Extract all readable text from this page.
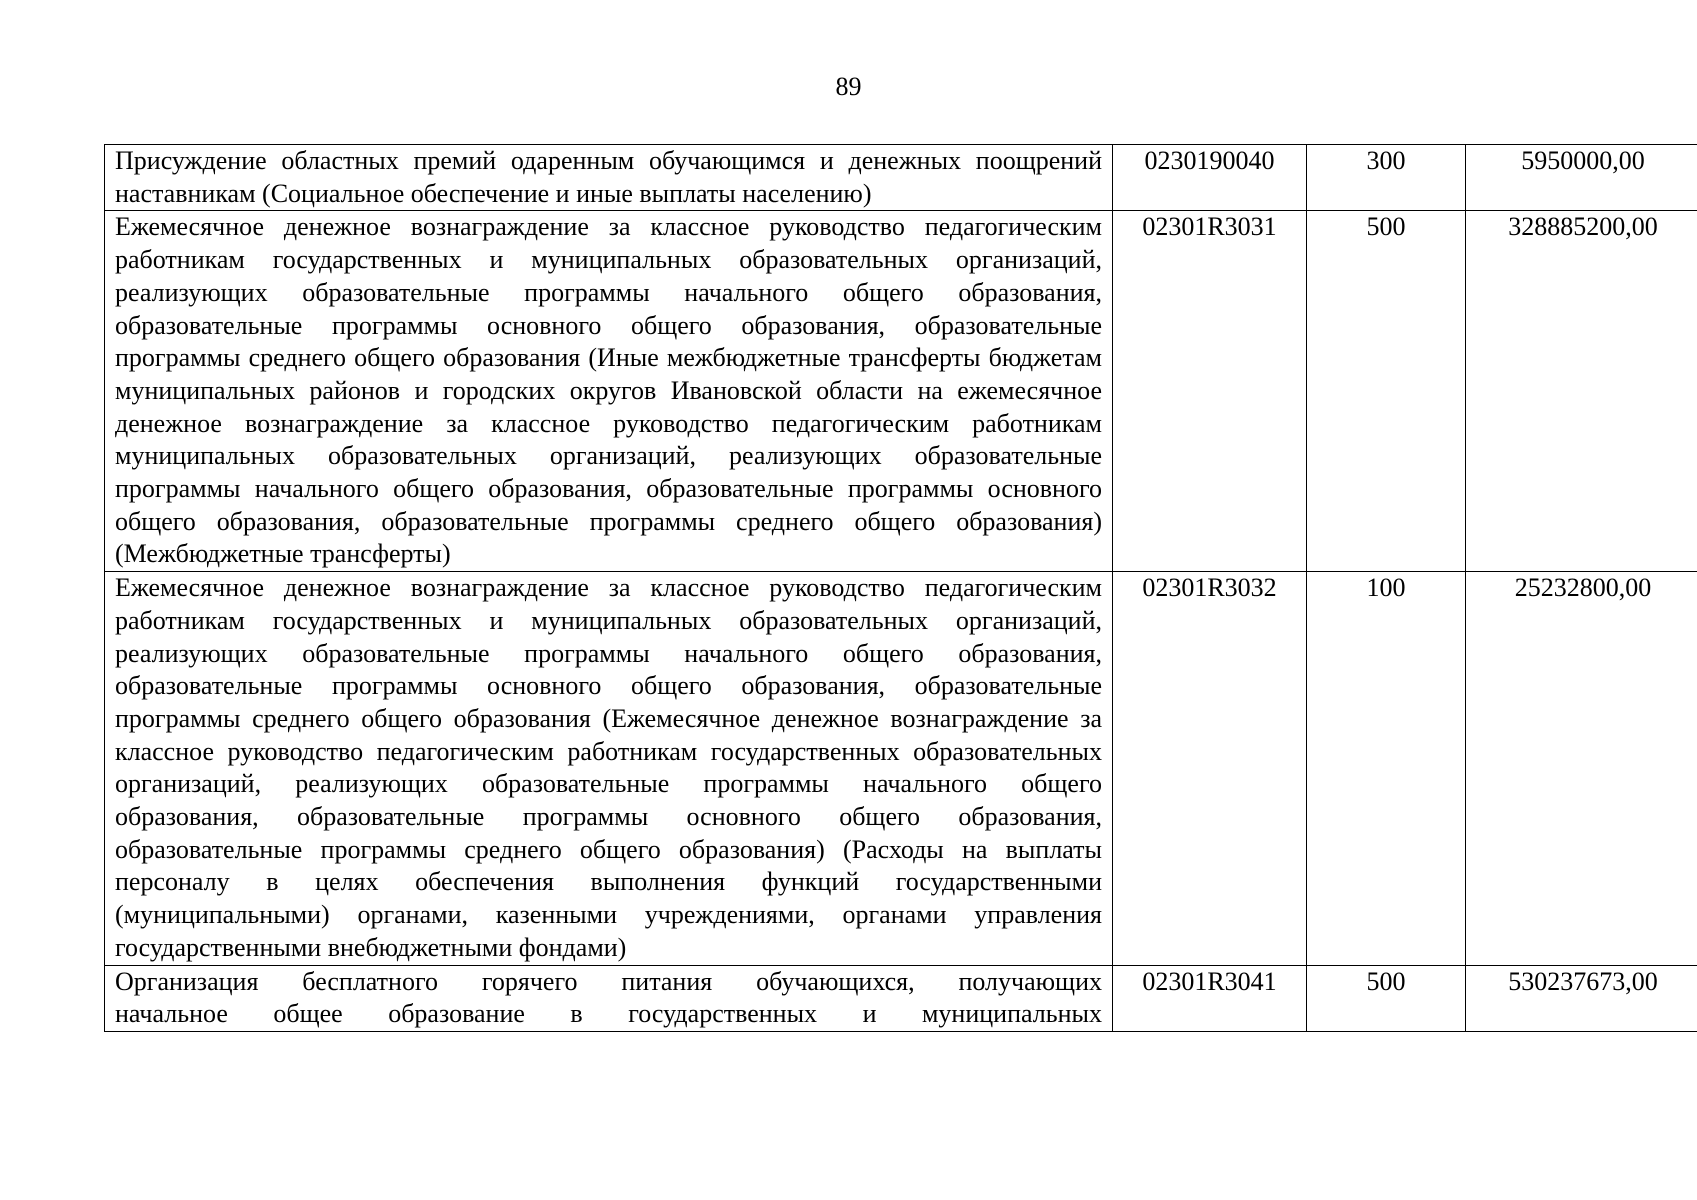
89
Присуждение областных премий одаренным обучающимся и денежных поощрений наставникам (Социальное обеспечение и иные выплаты населению)	0230190040	300	5950000,00
Ежемесячное денежное вознаграждение за классное руководство педагогическим работникам государственных и муниципальных образовательных организаций, реализующих образовательные программы начального общего образования, образовательные программы основного общего образования, образовательные программы среднего общего образования (Иные межбюджетные трансферты бюджетам муниципальных районов и городских округов Ивановской области на ежемесячное денежное вознаграждение за классное руководство педагогическим работникам муниципальных образовательных организаций, реализующих образовательные программы начального общего образования, образовательные программы основного общего образования, образовательные программы среднего общего образования) (Межбюджетные трансферты)	02301R3031	500	328885200,00
Ежемесячное денежное вознаграждение за классное руководство педагогическим работникам государственных и муниципальных образовательных организаций, реализующих образовательные программы начального общего образования, образовательные программы основного общего образования, образовательные программы среднего общего образования (Ежемесячное денежное вознаграждение за классное руководство педагогическим работникам государственных образовательных организаций, реализующих образовательные программы начального общего образования, образовательные программы основного общего образования, образовательные программы среднего общего образования) (Расходы на выплаты персоналу в целях обеспечения выполнения функций государственными (муниципальными) органами, казенными учреждениями, органами управления государственными внебюджетными фондами)	02301R3032	100	25232800,00

Организация бесплатного горячего питания обучающихся, получающих
начальное общее образование в государственных и муниципальных	02301R3041	500	530237673,00
